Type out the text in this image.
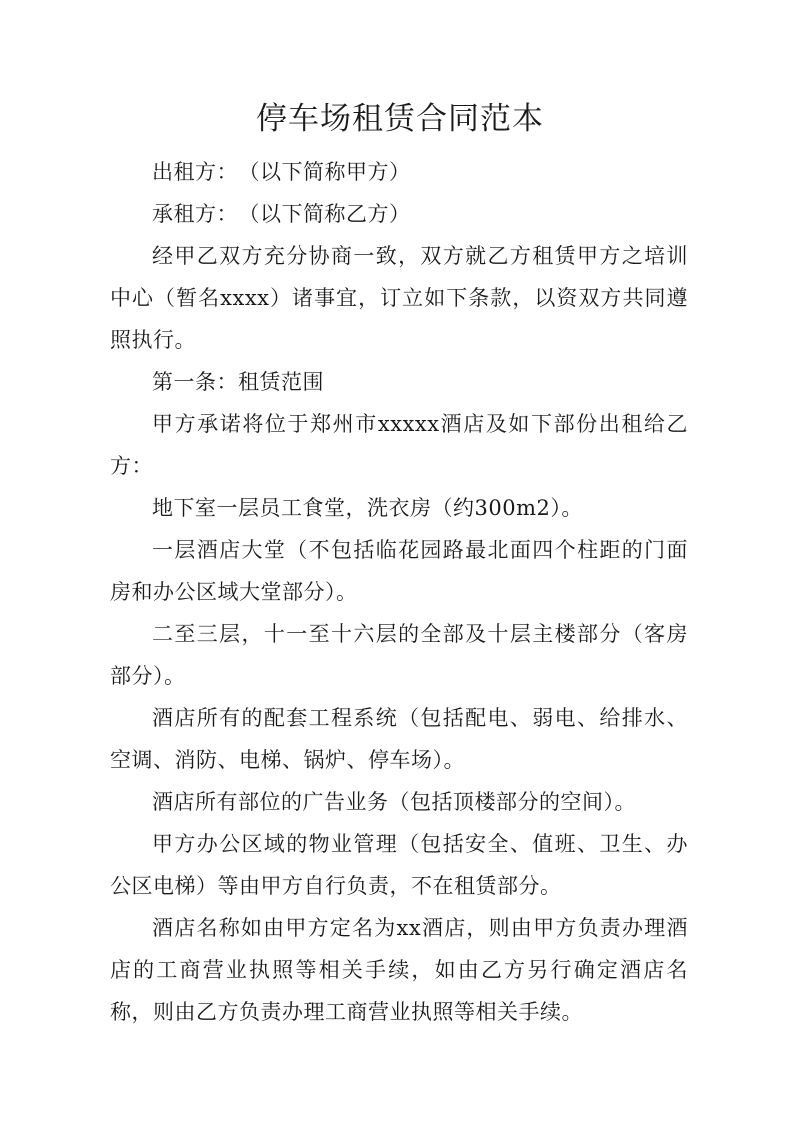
停车场租赁合同范本

出租方：　（以下简称甲方）

承租方：　（以下简称乙方）

经甲乙双方充分协商一致，双方就乙方租赁甲方之培训中心（暂名xxxx）诸事宜，订立如下条款，以资双方共同遵照执行。

第一条：租赁范围

甲方承诺将位于郑州市xxxxx酒店及如下部份出租给乙方：

地下室一层员工食堂，洗衣房（约300m2）。

一层酒店大堂（不包括临花园路最北面四个柱距的门面房和办公区域大堂部分）。

二至三层，十一至十六层的全部及十层主楼部分（客房部分）。

酒店所有的配套工程系统（包括配电、弱电、给排水、空调、消防、电梯、锅炉、停车场）。

酒店所有部位的广告业务（包括顶楼部分的空间）。

甲方办公区域的物业管理（包括安全、值班、卫生、办公区电梯）等由甲方自行负责，不在租赁部分。

酒店名称如由甲方定名为xx酒店，则由甲方负责办理酒店的工商营业执照等相关手续，如由乙方另行确定酒店名称，则由乙方负责办理工商营业执照等相关手续。
